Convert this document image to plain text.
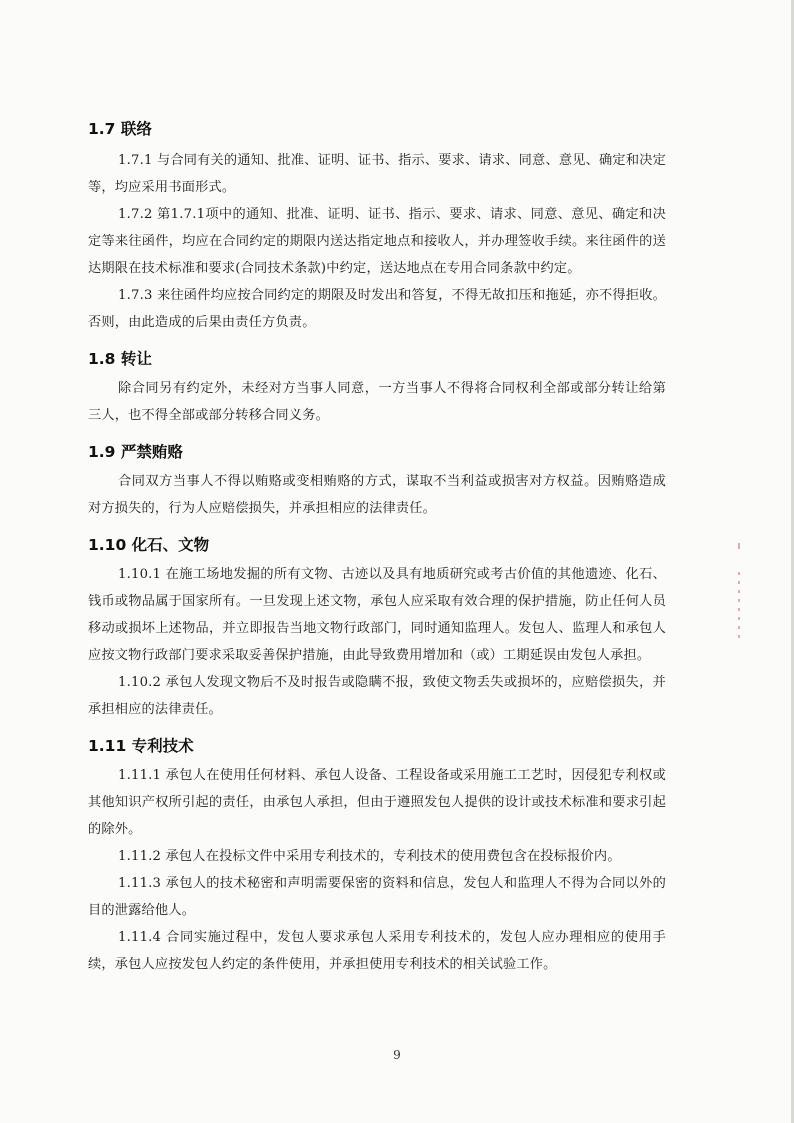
1.7 联络

1.7.1 与合同有关的通知、批准、证明、证书、指示、要求、请求、同意、意见、确定和决定等，均应采用书面形式。

1.7.2 第1.7.1项中的通知、批准、证明、证书、指示、要求、请求、同意、意见、确定和决定等来往函件，均应在合同约定的期限内送达指定地点和接收人，并办理签收手续。来往函件的送达期限在技术标准和要求(合同技术条款)中约定，送达地点在专用合同条款中约定。

1.7.3 来往函件均应按合同约定的期限及时发出和答复，不得无故扣压和拖延，亦不得拒收。否则，由此造成的后果由责任方负责。

1.8 转让

除合同另有约定外，未经对方当事人同意，一方当事人不得将合同权利全部或部分转让给第三人，也不得全部或部分转移合同义务。

1.9 严禁贿赂

合同双方当事人不得以贿赂或变相贿赂的方式，谋取不当利益或损害对方权益。因贿赂造成对方损失的，行为人应赔偿损失，并承担相应的法律责任。

1.10 化石、文物

1.10.1 在施工场地发掘的所有文物、古迹以及具有地质研究或考古价值的其他遗迹、化石、钱币或物品属于国家所有。一旦发现上述文物，承包人应采取有效合理的保护措施，防止任何人员移动或损坏上述物品，并立即报告当地文物行政部门，同时通知监理人。发包人、监理人和承包人应按文物行政部门要求采取妥善保护措施，由此导致费用增加和（或）工期延误由发包人承担。

1.10.2 承包人发现文物后不及时报告或隐瞒不报，致使文物丢失或损坏的，应赔偿损失，并承担相应的法律责任。

1.11 专利技术

1.11.1 承包人在使用任何材料、承包人设备、工程设备或采用施工工艺时，因侵犯专利权或其他知识产权所引起的责任，由承包人承担，但由于遵照发包人提供的设计或技术标准和要求引起的除外。

1.11.2 承包人在投标文件中采用专利技术的，专利技术的使用费包含在投标报价内。

1.11.3 承包人的技术秘密和声明需要保密的资料和信息，发包人和监理人不得为合同以外的目的泄露给他人。

1.11.4 合同实施过程中，发包人要求承包人采用专利技术的，发包人应办理相应的使用手续，承包人应按发包人约定的条件使用，并承担使用专利技术的相关试验工作。

9
